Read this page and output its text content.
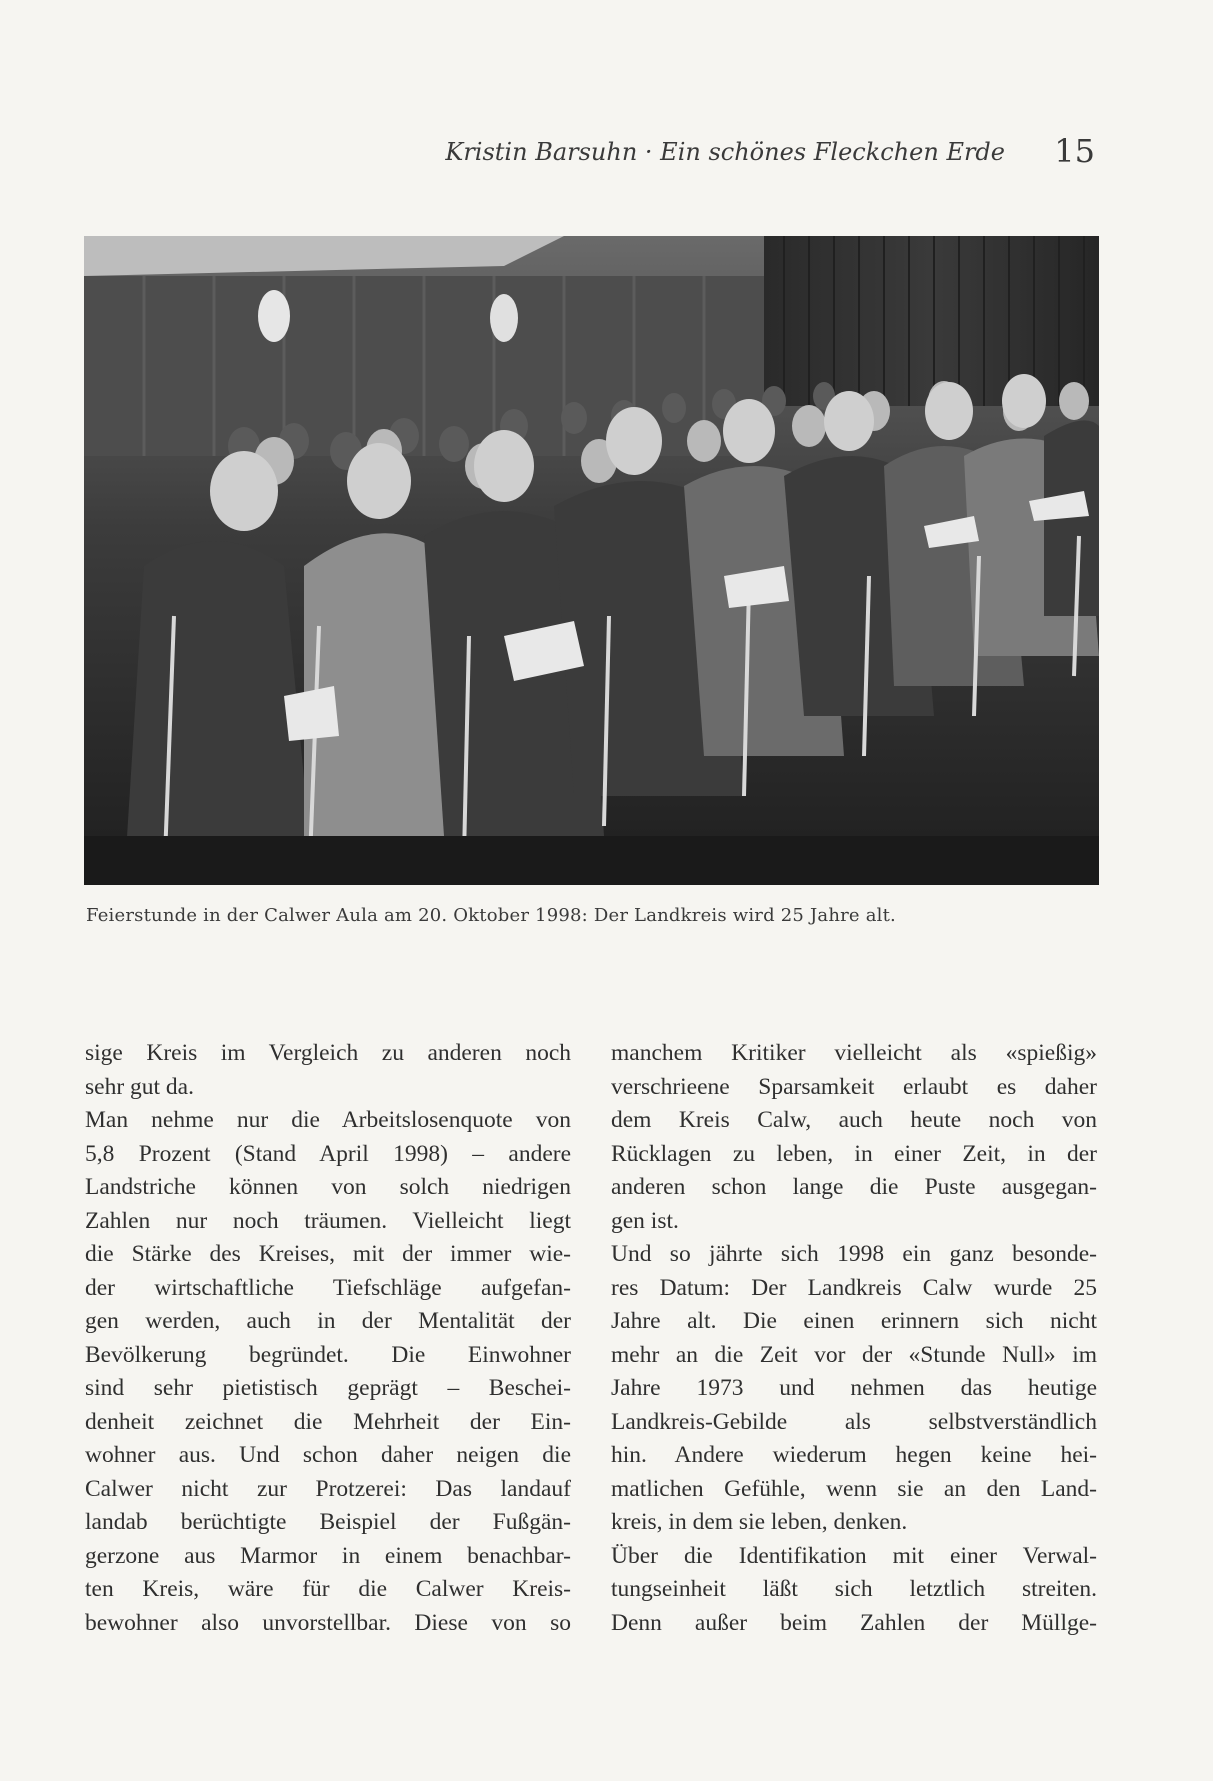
Kristin Barsuhn · Ein schönes Fleckchen Erde 15
Feierstunde in der Calwer Aula am 20. Oktober 1998: Der Landkreis wird 25 Jahre alt.
sige Kreis im Vergleich zu anderen noch
sehr gut da.
Man nehme nur die Arbeitslosenquote von
5,8 Prozent (Stand April 1998) – andere
Landstriche können von solch niedrigen
Zahlen nur noch träumen. Vielleicht liegt
die Stärke des Kreises, mit der immer wie-
der wirtschaftliche Tiefschläge aufgefan-
gen werden, auch in der Mentalität der
Bevölkerung begründet. Die Einwohner
sind sehr pietistisch geprägt – Beschei-
denheit zeichnet die Mehrheit der Ein-
wohner aus. Und schon daher neigen die
Calwer nicht zur Protzerei: Das landauf
landab berüchtigte Beispiel der Fußgän-
gerzone aus Marmor in einem benachbar-
ten Kreis, wäre für die Calwer Kreis-
bewohner also unvorstellbar. Diese von so
manchem Kritiker vielleicht als «spießig»
verschrieene Sparsamkeit erlaubt es daher
dem Kreis Calw, auch heute noch von
Rücklagen zu leben, in einer Zeit, in der
anderen schon lange die Puste ausgegan-
gen ist.
Und so jährte sich 1998 ein ganz besonde-
res Datum: Der Landkreis Calw wurde 25
Jahre alt. Die einen erinnern sich nicht
mehr an die Zeit vor der «Stunde Null» im
Jahre 1973 und nehmen das heutige
Landkreis-Gebilde als selbstverständlich
hin. Andere wiederum hegen keine hei-
matlichen Gefühle, wenn sie an den Land-
kreis, in dem sie leben, denken.
Über die Identifikation mit einer Verwal-
tungseinheit läßt sich letztlich streiten.
Denn außer beim Zahlen der Müllge-
